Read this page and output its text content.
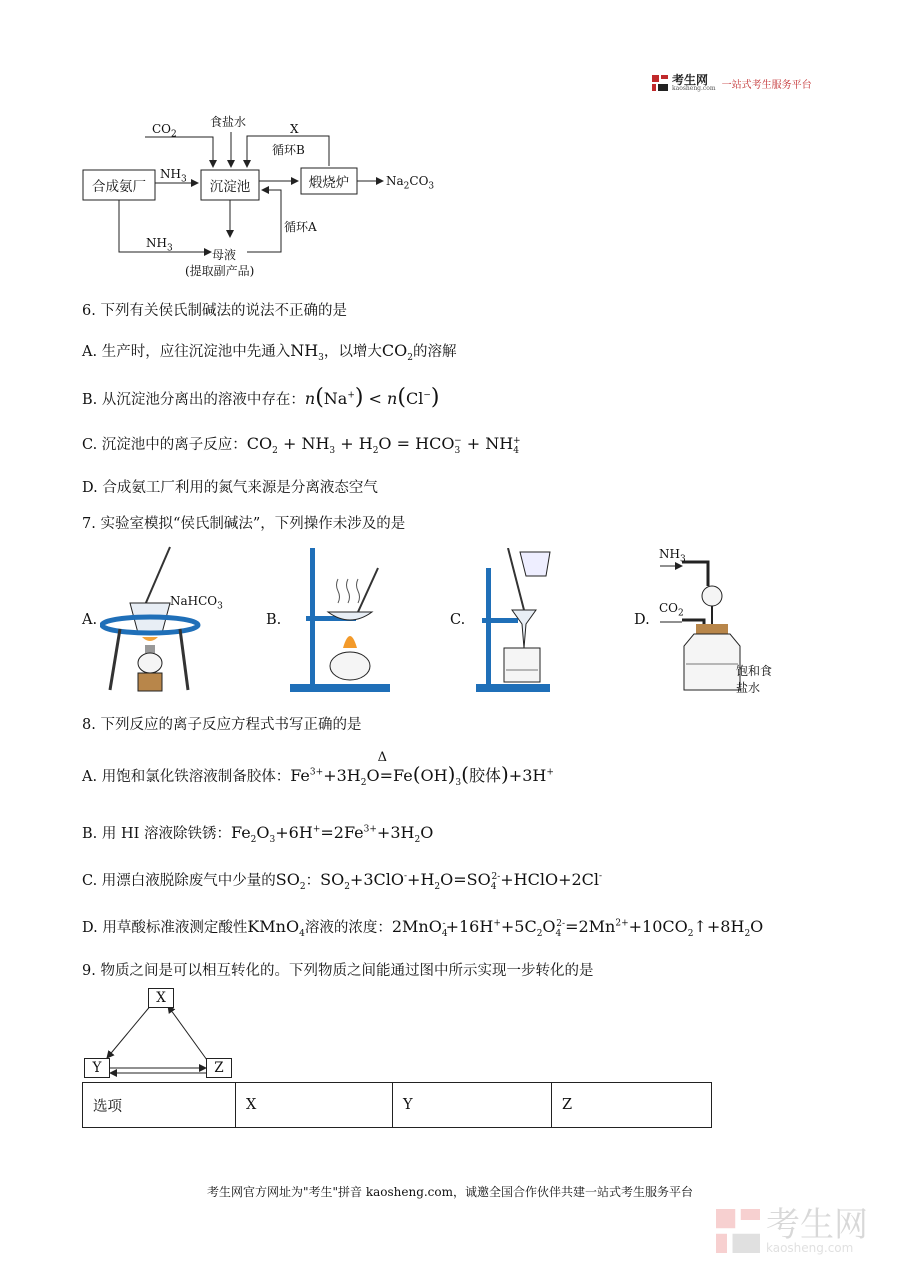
考生网
kaosheng.com 一站式考生服务平台
$CO_2$
食盐水	X
循环B
合成氨厂
$NH_3$	沉淀池	煅烧炉	$Na_2CO_3$
循环A
$NH_3$	母液
(提取副产品)
6. 下列有关侯氏制碱法的说法不正确的是
A. 生产时，应往沉淀池中先通入$NH_3$，以增大$CO_2$的溶解
B. 从沉淀池分离出的溶液中存在：n(Na+) < n(Cl−)
C. 沉淀池中的离子反应：$CO_2 + NH_3 + H_2O = HCO_3^- + NH_4^+$
D. 合成氨工厂利用的氮气来源是分离液态空气
7. 实验室模拟“侯氏制碱法”，下列操作未涉及的是
A.	B.	C.	D.
NaHCO$_3$
$NH_3$
$CO_2$
饱和食
盐水
8. 下列反应的离子反应方程式书写正确的是
A. 用饱和氯化铁溶液制备胶体：$Fe^{3+}+3H_2O=$
Δ
$Fe(OH)_3$(胶体)+3H+
B. 用 HI 溶液除铁锈：$Fe_2O_3+6H^+=2Fe^{3+}+3H_2O$
C. 用漂白液脱除废气中少量的$SO_2$：$SO_2+3ClO^-+H_2O=SO_4^{2-}+HClO+2Cl^-$
D. 用草酸标准液测定酸性KMnO$_4$溶液的浓度：$2MnO_4^-+16H^++5C_2O_4^{2-}=2Mn^{2+}+10CO_2↑+8H_2O$
9. 物质之间是可以相互转化的。下列物质之间能通过图中所示实现一步转化的是
X
Y	Z
选项	X	Y	Z
考生网官方网址为"考生"拼音 kaosheng.com，诚邀全国合作伙伴共建一站式考生服务平台
考生网
kaosheng.com
